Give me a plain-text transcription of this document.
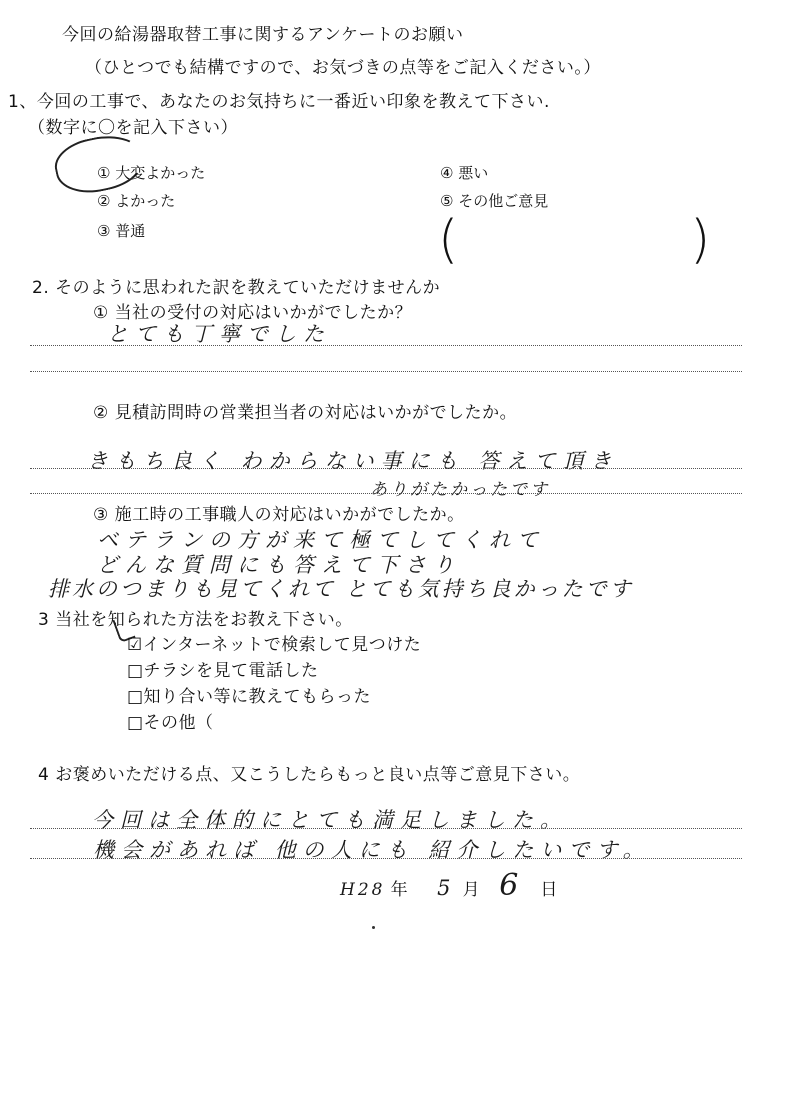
今回の給湯器取替工事に関するアンケートのお願い
（ひとつでも結構ですので、お気づきの点等をご記入ください。）
1、今回の工事で、あなたのお気持ちに一番近い印象を教えて下さい.
（数字に〇を記入下さい）
① 大変よかった
② よかった
③ 普通
④ 悪い
⑤ その他ご意見
(	)
2. そのように思われた訳を教えていただけませんか
① 当社の受付の対応はいかがでしたか？
とても丁寧でした
② 見積訪問時の営業担当者の対応はいかがでしたか。
きもち良く わからない事にも 答えて頂き
ありがたかったです
③ 施工時の工事職人の対応はいかがでしたか。
ベテランの方が来て極てしてくれて
どんな質問にも答えて下さり
排水のつまりも見てくれて とても気持ち良かったです
3 当社を知られた方法をお教え下さい。
☑インターネットで検索して見つけた
□チラシを見て電話した
□知り合い等に教えてもらった
□その他（
4 お褒めいただける点、又こうしたらもっと良い点等ご意見下さい。
今回は全体的にとても満足しました。
機会があれば 他の人にも 紹介したいです。
H28 年 5 月 6 日
